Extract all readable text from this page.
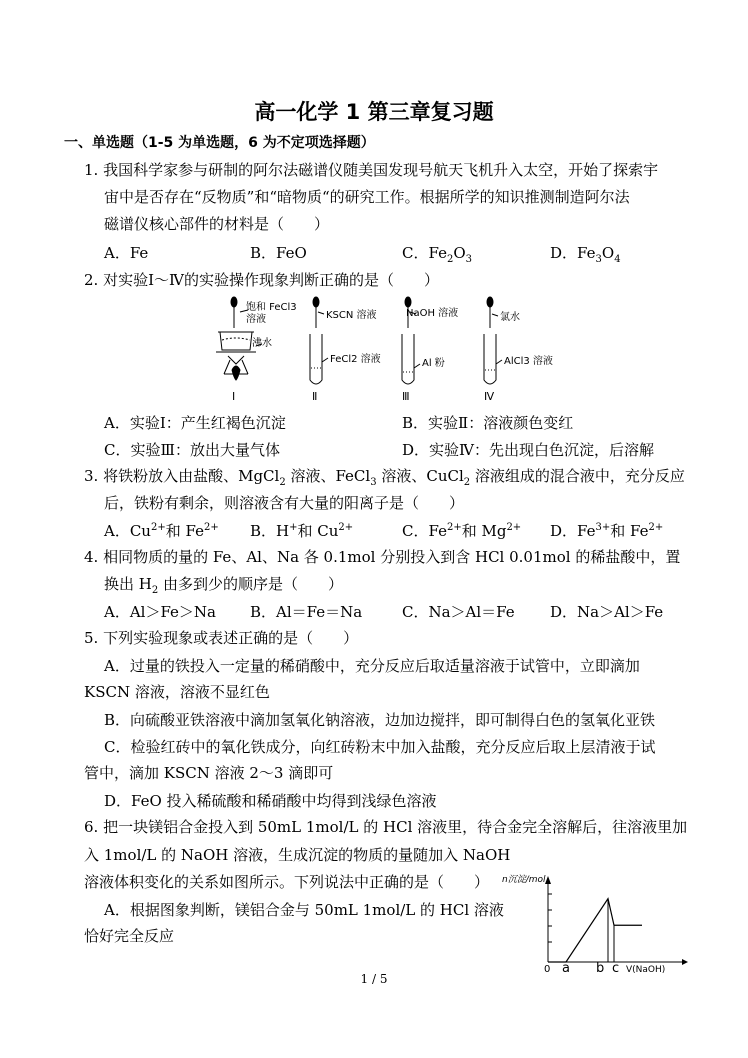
高一化学 1 第三章复习题
一、单选题（1-5 为单选题，6 为不定项选择题）
1. 我国科学家参与研制的阿尔法磁谱仪随美国发现号航天飞机升入太空，开始了探索宇
宙中是否存在“反物质”和“暗物质“的研究工作。根据所学的知识推测制造阿尔法
磁谱仪核心部件的材料是（　　）
A．Fe	B．FeO	C．$Fe_2O_3$	D．$Fe_3O_4$
2. 对实验Ⅰ～Ⅳ的实验操作现象判断正确的是（　　）
饱和 FeCl3
溶液
沸水
KSCN 溶液
FeCl2 溶液
NaOH 溶液
Al 粉
氯水
AlCl3 溶液
Ⅰ	Ⅱ	Ⅲ	Ⅳ
A．实验Ⅰ：产生红褐色沉淀	B．实验Ⅱ：溶液颜色变红
C．实验Ⅲ：放出大量气体	D．实验Ⅳ：先出现白色沉淀，后溶解
3. 将铁粉放入由盐酸、MgCl$_2$ 溶液、FeCl$_3$ 溶液、CuCl$_2$ 溶液组成的混合液中，充分反应
后，铁粉有剩余，则溶液含有大量的阳离子是（　　）
A．$Cu^{2+}$和 $Fe^{2+}$ B．H+和 $Cu^{2+}$	C．$Fe^{2+}$和 $Mg^{2+}$ D．$Fe^{3+}$和 $Fe^{2+}$
4. 相同物质的量的 Fe、Al、Na 各 0.1mol 分别投入到含 HCl 0.01mol 的稀盐酸中，置
换出 $H_2$ 由多到少的顺序是（　　）
A．Al＞Fe＞Na B．Al＝Fe＝Na	C．Na＞Al＝Fe D．Na＞Al＞Fe
5. 下列实验现象或表述正确的是（　　）
A．过量的铁投入一定量的稀硝酸中，充分反应后取适量溶液于试管中，立即滴加
KSCN 溶液，溶液不显红色
B．向硫酸亚铁溶液中滴加氢氧化钠溶液，边加边搅拌，即可制得白色的氢氧化亚铁
C．检验红砖中的氧化铁成分，向红砖粉末中加入盐酸，充分反应后取上层清液于试
管中，滴加 KSCN 溶液 2～3 滴即可
D．FeO 投入稀硫酸和稀硝酸中均得到浅绿色溶液
6. 把一块镁铝合金投入到 50mL 1mol/L 的 HCl 溶液里，待合金完全溶解后，往溶液里加
入 1mol/L 的 NaOH 溶液，生成沉淀的物质的量随加入 NaOH
溶液体积变化的关系如图所示。下列说法中正确的是（　　）
A．根据图象判断，镁铝合金与 50mL 1mol/L 的 HCl 溶液
恰好完全反应
n沉淀/mol
V(NaOH)
0 a b c
1 / 5
